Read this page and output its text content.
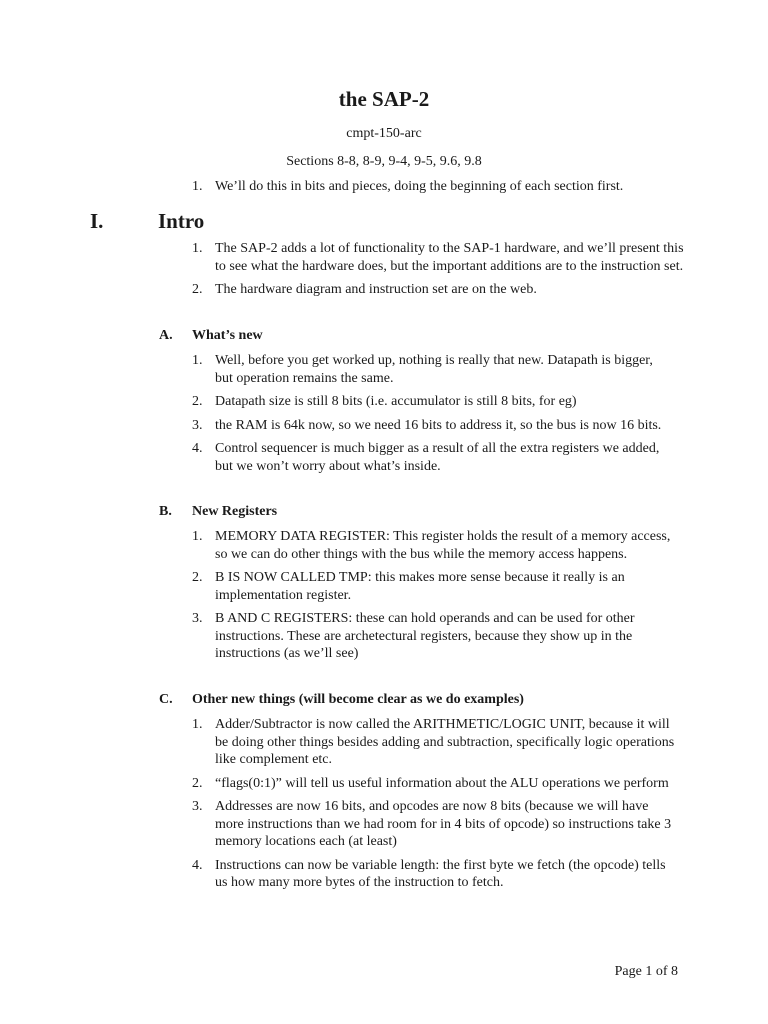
the SAP-2
cmpt-150-arc
Sections 8-8, 8-9, 9-4, 9-5, 9.6, 9.8
1. We’ll do this in bits and pieces, doing the beginning of each section first.
I.	Intro
1. The SAP-2 adds a lot of functionality to the SAP-1 hardware, and we’ll present this to see what the hardware does, but the important additions are to the instruction set.
2. The hardware diagram and instruction set are on the web.
A. What’s new
1. Well, before you get worked up, nothing is really that new. Datapath is bigger, but operation remains the same.
2. Datapath size is still 8 bits (i.e. accumulator is still 8 bits, for eg)
3. the RAM is 64k now, so we need 16 bits to address it, so the bus is now 16 bits.
4. Control sequencer is much bigger as a result of all the extra registers we added, but we won’t worry about what’s inside.
B. New Registers
1. MEMORY DATA REGISTER: This register holds the result of a memory access, so we can do other things with the bus while the memory access happens.
2. B IS NOW CALLED TMP: this makes more sense because it really is an implementation register.
3. B AND C REGISTERS: these can hold operands and can be used for other instructions. These are archetectural registers, because they show up in the instructions (as we’ll see)
C. Other new things (will become clear as we do examples)
1. Adder/Subtractor is now called the ARITHMETIC/LOGIC UNIT, because it will be doing other things besides adding and subtraction, specifically logic operations like complement etc.
2. “flags(0:1)” will tell us useful information about the ALU operations we perform
3. Addresses are now 16 bits, and opcodes are now 8 bits (because we will have more instructions than we had room for in 4 bits of opcode) so instructions take 3 memory locations each (at least)
4. Instructions can now be variable length: the first byte we fetch (the opcode) tells us how many more bytes of the instruction to fetch.
Page 1 of 8
